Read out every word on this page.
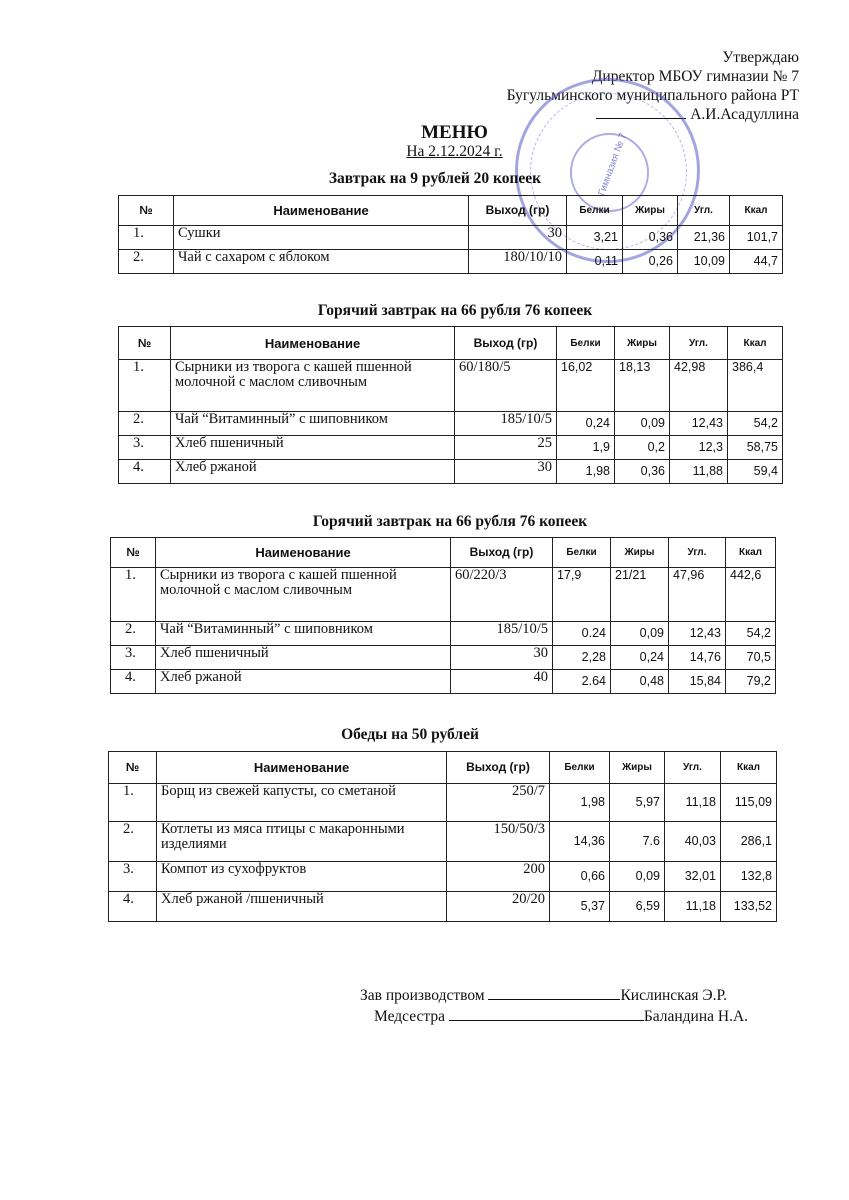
Утверждаю
Директор МБОУ гимназии № 7
Бугульминского муниципального района РТ
А.И.Асадуллина
Гимназия № 7
МЕНЮ
На 2.12.2024 г.
Завтрак на 9 рублей 20 копеек
№	Наименование	Выход (гр)	Белки	Жиры	Угл.	Ккал
1.	Сушки	30	3,21	0,36	21,36	101,7
2.	Чай с сахаром с яблоком	180/10/10	0,11	0,26	10,09	44,7
Горячий завтрак на 66 рубля 76 копеек
№	Наименование	Выход (гр)	Белки	Жиры	Угл.	Ккал
1.	Сырники из творога с кашей пшенной молочной с маслом сливочным	60/180/5	16,02	18,13	42,98	386,4
2.	Чай “Витаминный” с шиповником	185/10/5	0,24	0,09	12,43	54,2
3.	Хлеб пшеничный	25	1,9	0,2	12,3	58,75
4.	Хлеб ржаной	30	1,98	0,36	11,88	59,4
Горячий завтрак на 66 рубля 76 копеек
№	Наименование	Выход (гр)	Белки	Жиры	Угл.	Ккал
1.	Сырники из творога с кашей пшенной молочной с маслом сливочным	60/220/3	17,9	21/21	47,96	442,6
2.	Чай “Витаминный” с шиповником	185/10/5	0.24	0,09	12,43	54,2
3.	Хлеб пшеничный	30	2,28	0,24	14,76	70,5
4.	Хлеб ржаной	40	2.64	0,48	15,84	79,2
Обеды на 50 рублей
№	Наименование	Выход (гр)	Белки	Жиры	Угл.	Ккал
1.	Борщ из свежей капусты, со сметаной	250/7	1,98	5,97	11,18	115,09
2.	Котлеты из мяса птицы с макаронными изделиями	150/50/3	14,36	7.6	40,03	286,1
3.	Компот из сухофруктов	200	0,66	0,09	32,01	132,8
4.	Хлеб ржаной /пшеничный	20/20	5,37	6,59	11,18	133,52
Зав производством	Кислинская Э.Р.
Медсестра	Баландина Н.А.
